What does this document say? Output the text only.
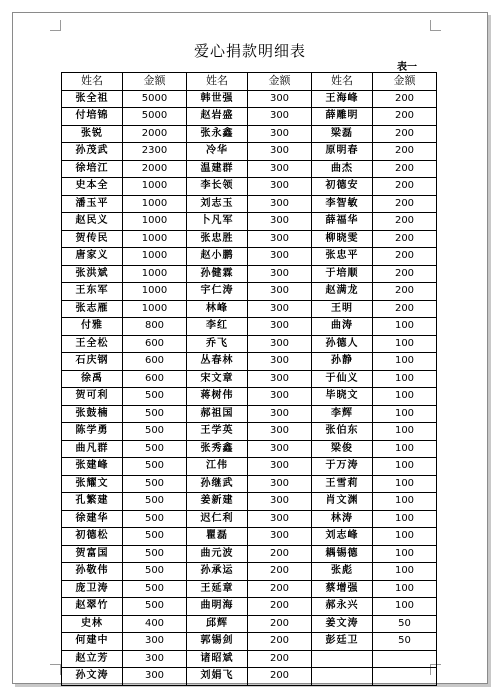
爱心捐款明细表
表一
姓名	金额	姓名	金额	姓名	金额
张全祖	5000	韩世强	300	王海峰	200
付培锦	5000	赵岩盛	300	薛雕明	200
张锐	2000	张永鑫	300	梁磊	200
孙茂武	2300	冷华	300	原明春	200
徐培江	2000	温建群	300	曲杰	200
史本全	1000	李长领	300	初德安	200
潘玉平	1000	刘志玉	300	李智敏	200
赵民义	1000	卜凡军	300	薛福华	200
贺传民	1000	张忠胜	300	柳晓雯	200
唐家义	1000	赵小鹏	300	张忠平	200
张洪斌	1000	孙健霖	300	于培顺	200
王东军	1000	宇仁涛	300	赵满龙	200
张志雁	1000	林峰	300	王明	200
付雅	800	李红	300	曲涛	100
王全松	600	乔飞	300	孙德人	100
石庆钢	600	丛春林	300	孙静	100
徐禹	600	宋文章	300	于仙义	100
贺可利	500	蒋树伟	300	毕晓文	100
张鼓楠	500	郝祖国	300	李辉	100
陈学勇	500	王学英	300	张伯东	100
曲凡群	500	张秀鑫	300	梁俊	100
张建峰	500	江伟	300	于万涛	100
张耀文	500	孙继武	300	王雪莉	100
孔繁建	500	姜新建	300	肖文渊	100
徐建华	500	迟仁利	300	林涛	100
初德松	500	瞿磊	300	刘志峰	100
贺富国	500	曲元波	200	耦锡德	100
孙敬伟	500	孙承运	200	张彪	100
庞卫涛	500	王延章	200	蔡增强	100
赵翠竹	500	曲明海	200	郝永兴	100
史林	400	邱辉	200	姜文涛	50
何建中	300	郭锡剑	200	彭廷卫	50
赵立芳	300	诸昭斌	200		
孙文涛	300	刘娟飞	200		
